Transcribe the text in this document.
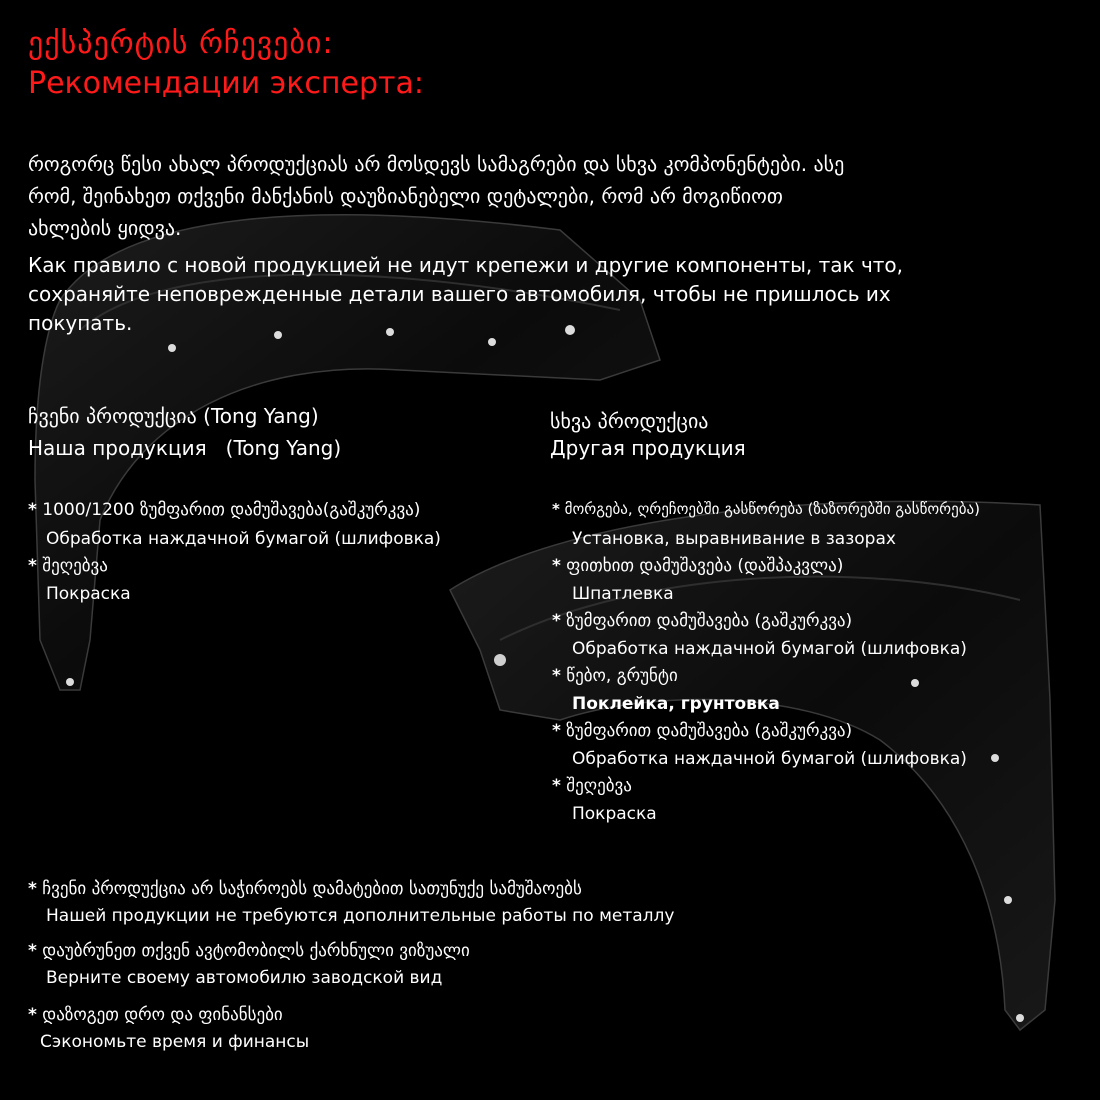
ექსპერტის რჩევები:
Рекомендации эксперта:
როგორც წესი ახალ პროდუქციას არ მოსდევს სამაგრები და სხვა კომპონენტები. ასე
რომ, შეინახეთ თქვენი მანქანის დაუზიანებელი დეტალები, რომ არ მოგიწიოთ
ახლების ყიდვა.
Как правило с новой продукцией не идут крепежи и другие компоненты, так что,
сохраняйте неповрежденные детали вашего автомобиля, чтобы не пришлось их
покупать.
ჩვენი პროდუქცია (Tong Yang)
Наша продукция   (Tong Yang)
* 1000/1200 ზუმფარით დამუშავება(გაშკურკვა)
Обработка наждачной бумагой (шлифовка)
* შეღებვა
Покраска
სხვა პროდუქცია
Другая продукция
* მორგება, ღრეჩოებში გასწორება (ზაზორებში გასწორება)
Установка, выравнивание в зазорах
* ფითხით დამუშავება (დაშპაკვლა)
Шпатлевка
* ზუმფარით დამუშავება (გაშკურკვა)
Обработка наждачной бумагой (шлифовка)
* წებო, გრუნტი
Поклейка, грунтовка
* ზუმფარით დამუშავება (გაშკურკვა)
Обработка наждачной бумагой (шлифовка)
* შეღებვა
Покраска
* ჩვენი პროდუქცია არ საჭიროებს დამატებით სათუნუქე სამუშაოებს
Нашей продукции не требуются дополнительные работы по металлу
* დაუბრუნეთ თქვენ ავტომობილს ქარხნული ვიზუალი
Верните своему автомобилю заводской вид
* დაზოგეთ დრო და ფინანსები
Сэкономьте время и финансы
